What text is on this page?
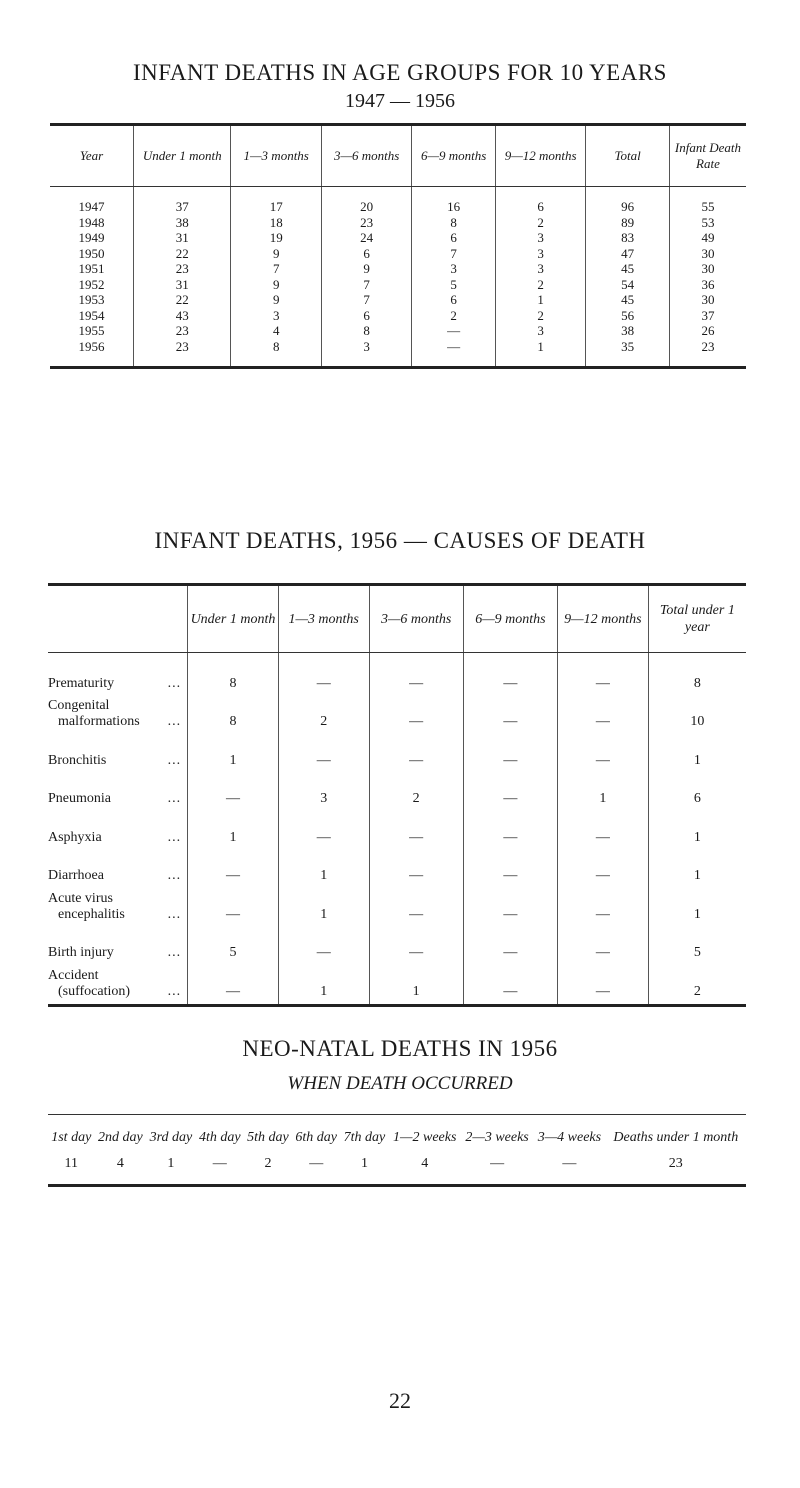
INFANT DEATHS IN AGE GROUPS FOR 10 YEARS
1947 — 1956
Year	Under 1 month	1—3 months	3—6 months	6—9 months	9—12 months	Total	Infant Death Rate
1947	37	17	20	16	6	96	55
1948	38	18	23	8	2	89	53
1949	31	19	24	6	3	83	49
1950	22	9	6	7	3	47	30
1951	23	7	9	3	3	45	30
1952	31	9	7	5	2	54	36
1953	22	9	7	6	1	45	30
1954	43	3	6	2	2	56	37
1955	23	4	8	—	3	38	26
1956	23	8	3	—	1	35	23
INFANT DEATHS, 1956 — CAUSES OF DEATH
	Under 1 month	1—3 months	3—6 months	6—9 months	9—12 months	Total under 1 year

Prematurity ...	8	—	—	—	—	8

Congenital
malformations ...	8	2	—	—	—	10

Bronchitis ...	1	—	—	—	—	1

Pneumonia ...	—	3	2	—	1	6

Asphyxia ...	1	—	—	—	—	1

Diarrhoea ...	—	1	—	—	—	1

Acute virus
encephalitis ...	—	1	—	—	—	1

Birth injury ...	5	—	—	—	—	5

Accident
(suffocation) ...	—	1	1	—	—	2
NEO-NATAL DEATHS IN 1956
WHEN DEATH OCCURRED
1st day	2nd day	3rd day	4th day	5th day	6th day	7th day	1—2 weeks	2—3 weeks	3—4 weeks	Deaths under 1 month
11	4	1	—	2	—	1	4	—	—	23
22
